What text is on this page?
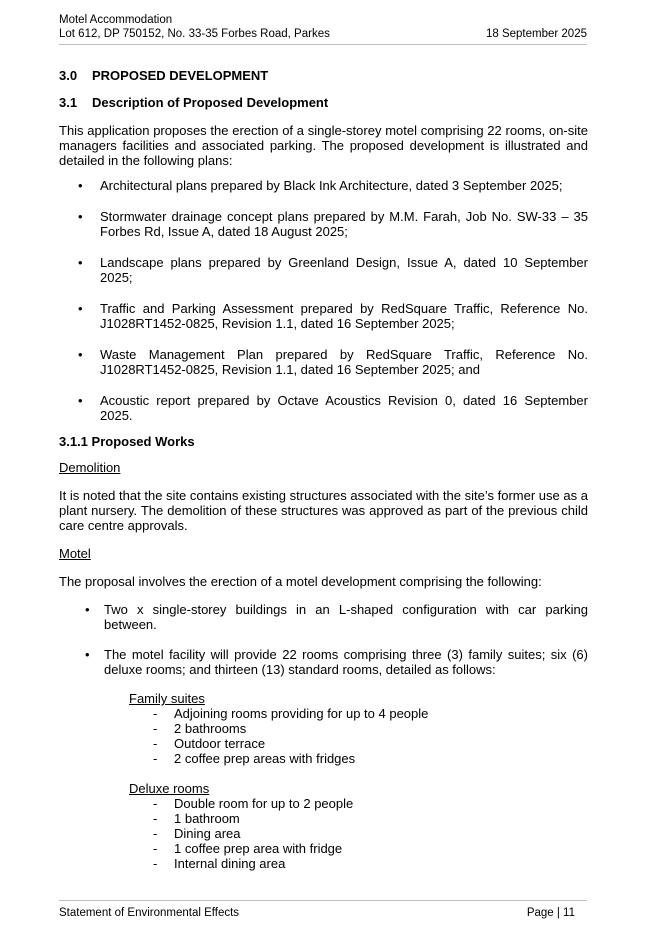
Motel Accommodation
Lot 612, DP 750152, No. 33-35 Forbes Road, Parkes	18 September 2025
3.0 PROPOSED DEVELOPMENT
3.1 Description of Proposed Development

This application proposes the erection of a single-storey motel comprising 22 rooms, on-site managers facilities and associated parking. The proposed development is illustrated and detailed in the following plans:

• Architectural plans prepared by Black Ink Architecture, dated 3 September 2025;
• Stormwater drainage concept plans prepared by M.M. Farah, Job No. SW-33 – 35 Forbes Rd, Issue A, dated 18 August 2025;
• Landscape plans prepared by Greenland Design, Issue A, dated 10 September 2025;
• Traffic and Parking Assessment prepared by RedSquare Traffic, Reference No. J1028RT1452-0825, Revision 1.1, dated 16 September 2025;
• Waste Management Plan prepared by RedSquare Traffic, Reference No. J1028RT1452-0825, Revision 1.1, dated 16 September 2025; and
• Acoustic report prepared by Octave Acoustics Revision 0, dated 16 September 2025.
3.1.1 Proposed Works
Demolition

It is noted that the site contains existing structures associated with the site’s former use as a plant nursery. The demolition of these structures was approved as part of the previous child care centre approvals.

Motel

The proposal involves the erection of a motel development comprising the following:

• Two x single-storey buildings in an L-shaped configuration with car parking between.
• The motel facility will provide 22 rooms comprising three (3) family suites; six (6) deluxe rooms; and thirteen (13) standard rooms, detailed as follows:
Family suites
- Adjoining rooms providing for up to 4 people
- 2 bathrooms
- Outdoor terrace
- 2 coffee prep areas with fridges
Deluxe rooms
- Double room for up to 2 people
- 1 bathroom
- Dining area
- 1 coffee prep area with fridge
- Internal dining area
Statement of Environmental Effects	Page | 11
